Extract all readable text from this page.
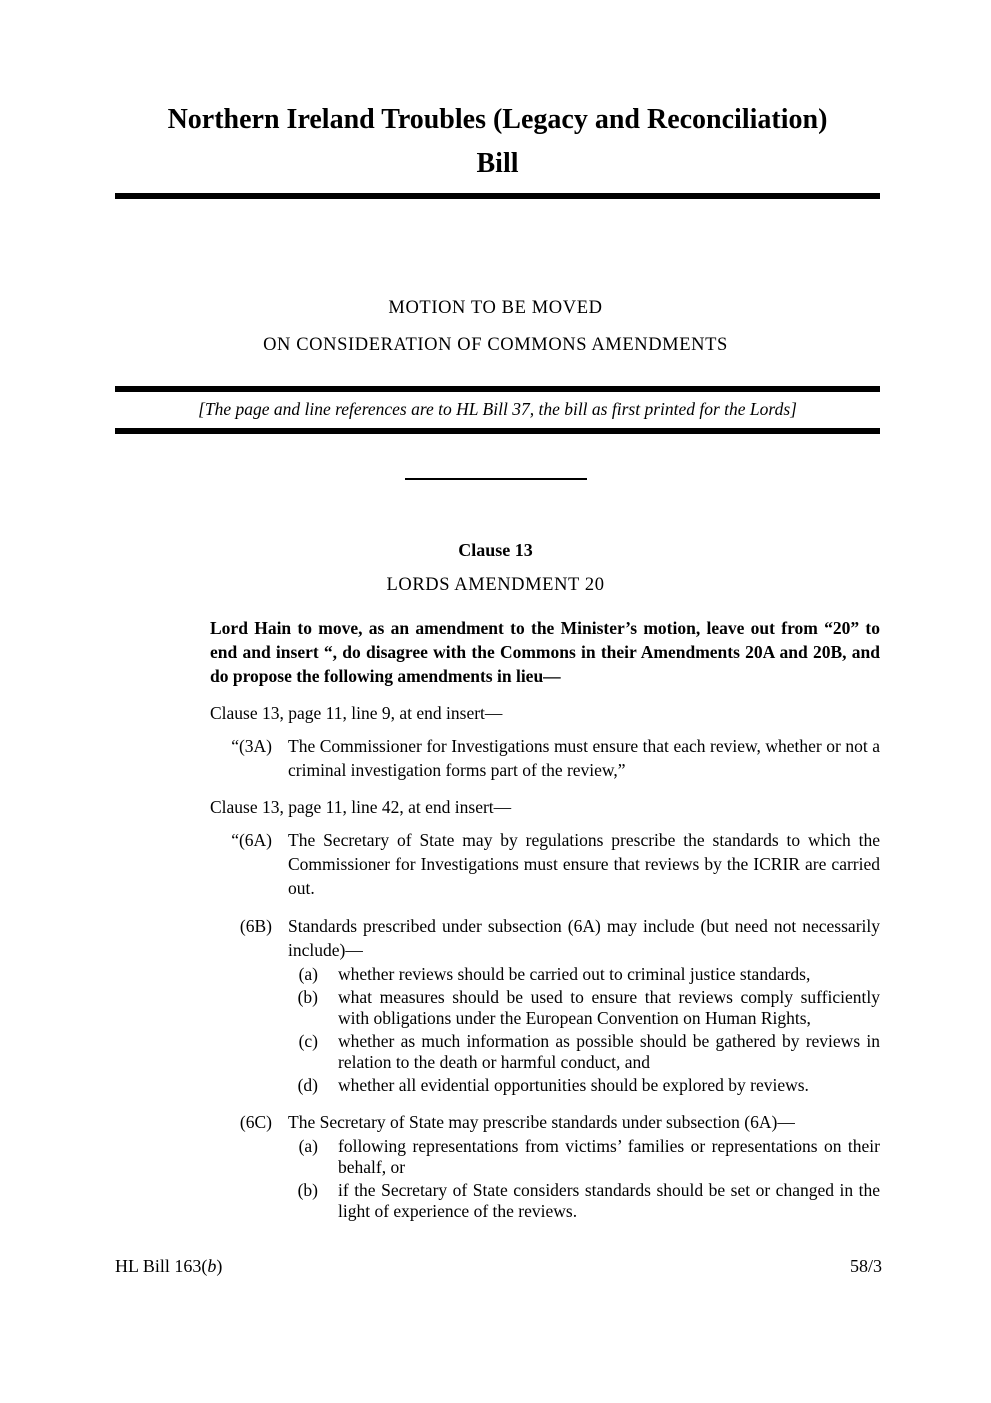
Northern Ireland Troubles (Legacy and Reconciliation)
Bill
MOTION TO BE MOVED
ON CONSIDERATION OF COMMONS AMENDMENTS
[The page and line references are to HL Bill 37, the bill as first printed for the Lords]
Clause 13
LORDS AMENDMENT 20

Lord Hain to move, as an amendment to the Minister’s motion, leave out from “20” to end and insert “, do disagree with the Commons in their Amendments 20A and 20B, and do propose the following amendments in lieu—

Clause 13, page 11, line 9, at end insert—

“(3A) The Commissioner for Investigations must ensure that each review, whether or not a criminal investigation forms part of the review,”

Clause 13, page 11, line 42, at end insert—

“(6A) The Secretary of State may by regulations prescribe the standards to which the Commissioner for Investigations must ensure that reviews by the ICRIR are carried out.
(6B) Standards prescribed under subsection (6A) may include (but need not necessarily include)—
(a) whether reviews should be carried out to criminal justice standards,
(b) what measures should be used to ensure that reviews comply sufficiently with obligations under the European Convention on Human Rights,
(c) whether as much information as possible should be gathered by reviews in relation to the death or harmful conduct, and
(d) whether all evidential opportunities should be explored by reviews.
(6C) The Secretary of State may prescribe standards under subsection (6A)—
(a) following representations from victims’ families or representations on their behalf, or
(b) if the Secretary of State considers standards should be set or changed in the light of experience of the reviews.
HL Bill 163(b)	58/3
